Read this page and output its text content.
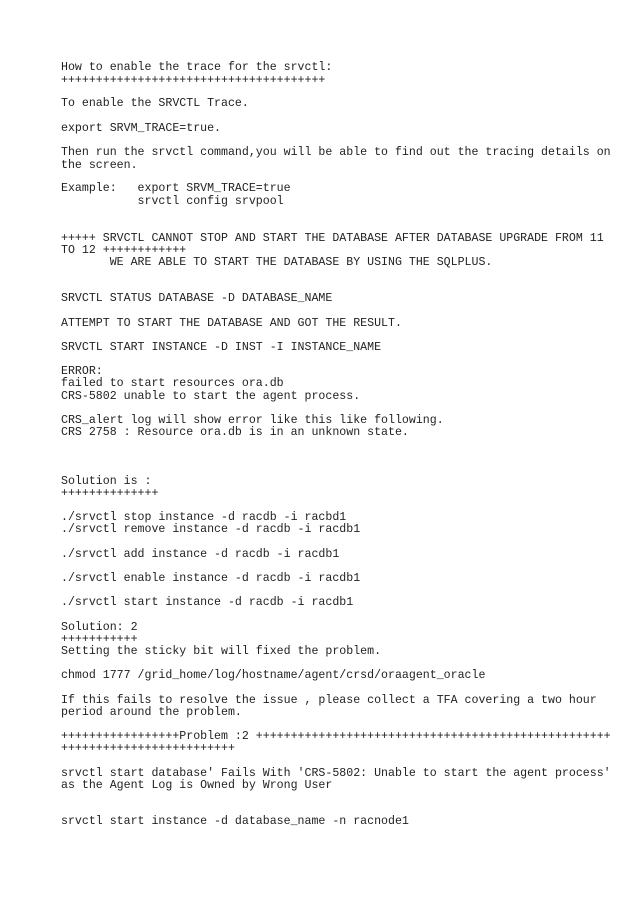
How to enable the trace for the srvctl:
++++++++++++++++++++++++++++++++++++++
To enable the SRVCTL Trace.
export SRVM_TRACE=true.
Then run the srvctl command,you will be able to find out the tracing details on
the screen.
Example:   export SRVM_TRACE=true
srvctl config srvpool
+++++ SRVCTL CANNOT STOP AND START THE DATABASE AFTER DATABASE UPGRADE FROM 11
TO 12 ++++++++++++
WE ARE ABLE TO START THE DATABASE BY USING THE SQLPLUS.
SRVCTL STATUS DATABASE -D DATABASE_NAME
ATTEMPT TO START THE DATABASE AND GOT THE RESULT.
SRVCTL START INSTANCE -D INST -I INSTANCE_NAME
ERROR:
failed to start resources ora.db
CRS-5802 unable to start the agent process.
CRS_alert log will show error like this like following.
CRS 2758 : Resource ora.db is in an unknown state.
Solution is :
++++++++++++++
./srvctl stop instance -d racdb -i racbd1
./srvctl remove instance -d racdb -i racdb1
./srvctl add instance -d racdb -i racdb1
./srvctl enable instance -d racdb -i racdb1
./srvctl start instance -d racdb -i racdb1
Solution: 2
+++++++++++
Setting the sticky bit will fixed the problem.
chmod 1777 /grid_home/log/hostname/agent/crsd/oraagent_oracle
If this fails to resolve the issue , please collect a TFA covering a two hour
period around the problem.
+++++++++++++++++Problem :2 +++++++++++++++++++++++++++++++++++++++++++++++++++
+++++++++++++++++++++++++
srvctl start database' Fails With 'CRS-5802: Unable to start the agent process'
as the Agent Log is Owned by Wrong User
srvctl start instance -d database_name -n racnode1
